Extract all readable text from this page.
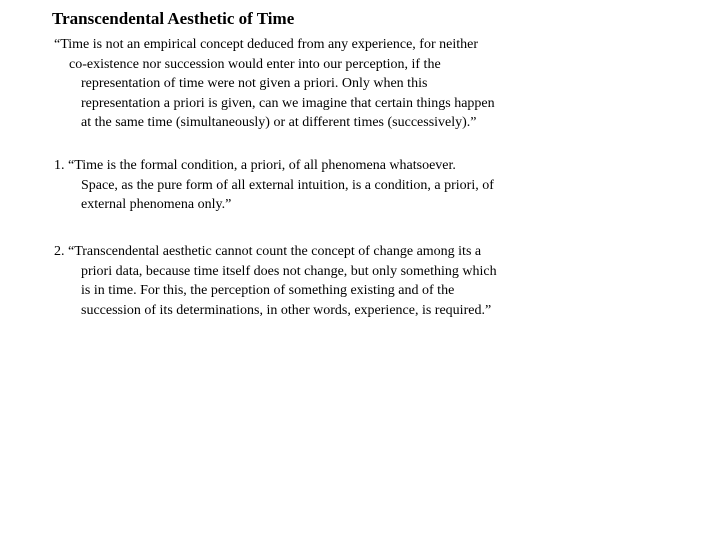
Transcendental Aesthetic of Time
“Time is not an empirical concept deduced from any experience, for neither
co-existence nor succession would enter into our perception, if the
representation of time were not given a priori. Only when this
representation a priori is given, can we imagine that certain things happen
at the same time (simultaneously) or at different times (successively).”
1. “Time is the formal condition, a priori, of all phenomena whatsoever.
Space, as the pure form of all external intuition, is a condition, a priori, of
external phenomena only.”
2. “Transcendental aesthetic cannot count the concept of change among its a
priori data, because time itself does not change, but only something which
is in time. For this, the perception of something existing and of the
succession of its determinations, in other words, experience, is required.”
